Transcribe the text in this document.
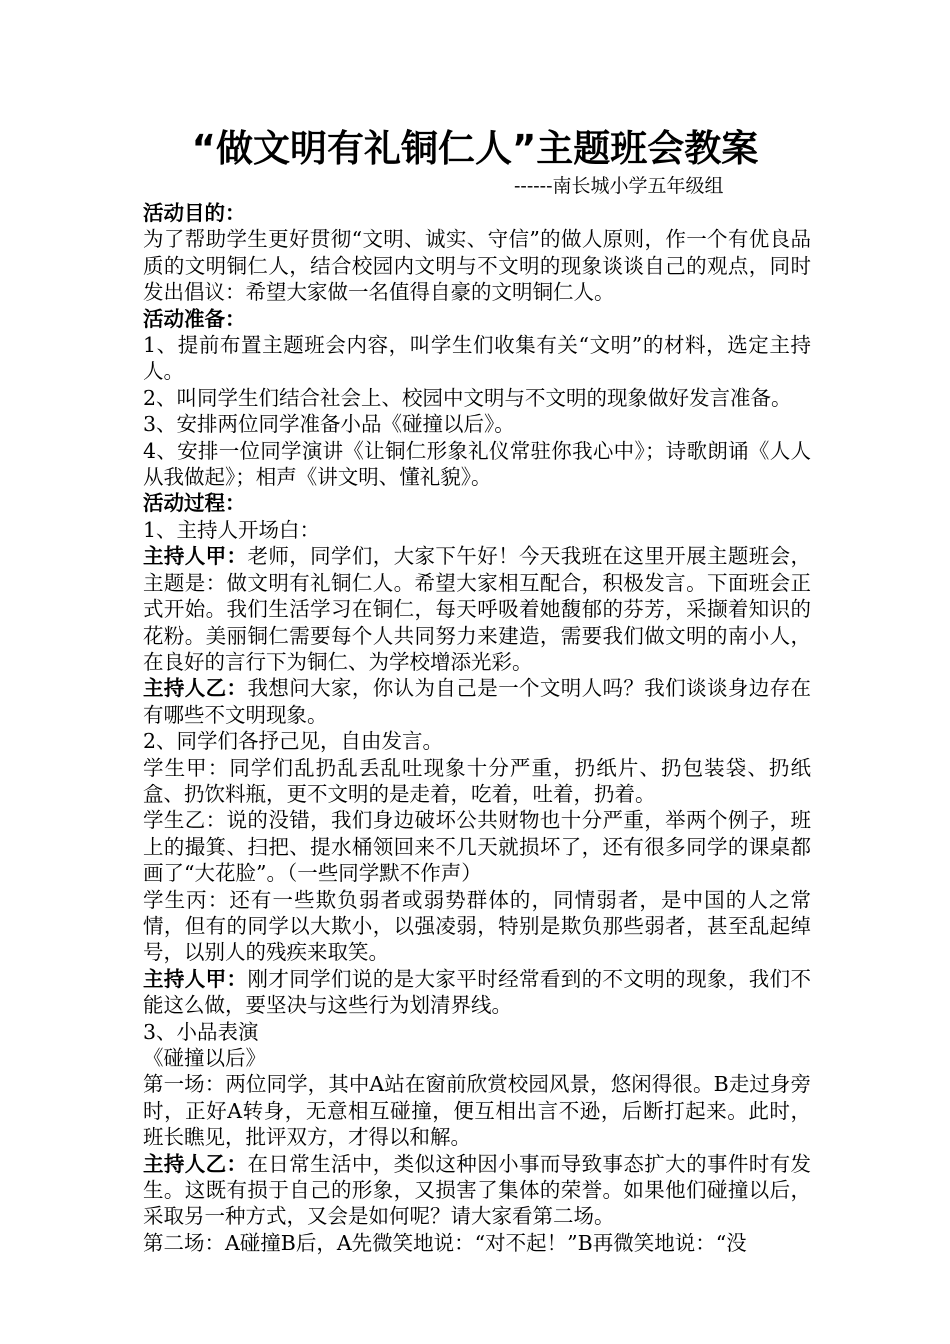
“做文明有礼铜仁人”主题班会教案
------南长城小学五年级组

活动目的：

为了帮助学生更好贯彻“文明、诚实、守信”的做人原则，作一个有优良品质的文明铜仁人，结合校园内文明与不文明的现象谈谈自己的观点，同时发出倡议：希望大家做一名值得自豪的文明铜仁人。

活动准备：

1、提前布置主题班会内容，叫学生们收集有关“文明”的材料，选定主持人。

2、叫同学生们结合社会上、校园中文明与不文明的现象做好发言准备。

3、安排两位同学准备小品《碰撞以后》。

4、安排一位同学演讲《让铜仁形象礼仪常驻你我心中》；诗歌朗诵《人人从我做起》；相声《讲文明、懂礼貌》。

活动过程：

1、主持人开场白：

主持人甲：老师，同学们，大家下午好！今天我班在这里开展主题班会，主题是：做文明有礼铜仁人。希望大家相互配合，积极发言。下面班会正式开始。我们生活学习在铜仁，每天呼吸着她馥郁的芬芳，采撷着知识的花粉。美丽铜仁需要每个人共同努力来建造，需要我们做文明的南小人，在良好的言行下为铜仁、为学校增添光彩。

主持人乙：我想问大家，你认为自己是一个文明人吗？我们谈谈身边存在有哪些不文明现象。

2、同学们各抒己见，自由发言。

学生甲：同学们乱扔乱丢乱吐现象十分严重，扔纸片、扔包装袋、扔纸盒、扔饮料瓶，更不文明的是走着，吃着，吐着，扔着。

学生乙：说的没错，我们身边破坏公共财物也十分严重，举两个例子，班上的撮箕、扫把、提水桶领回来不几天就损坏了，还有很多同学的课桌都画了“大花脸”。（一些同学默不作声）

学生丙：还有一些欺负弱者或弱势群体的，同情弱者，是中国的人之常情，但有的同学以大欺小，以强凌弱，特别是欺负那些弱者，甚至乱起绰号，以别人的残疾来取笑。

主持人甲：刚才同学们说的是大家平时经常看到的不文明的现象，我们不能这么做，要坚决与这些行为划清界线。

3、小品表演

《碰撞以后》

第一场：两位同学，其中A站在窗前欣赏校园风景，悠闲得很。B走过身旁时，正好A转身，无意相互碰撞，便互相出言不逊，后断打起来。此时，班长瞧见，批评双方，才得以和解。

主持人乙：在日常生活中，类似这种因小事而导致事态扩大的事件时有发生。这既有损于自己的形象，又损害了集体的荣誉。如果他们碰撞以后，采取另一种方式，又会是如何呢？请大家看第二场。

第二场：A碰撞B后，A先微笑地说：“对不起！”B再微笑地说：“没
